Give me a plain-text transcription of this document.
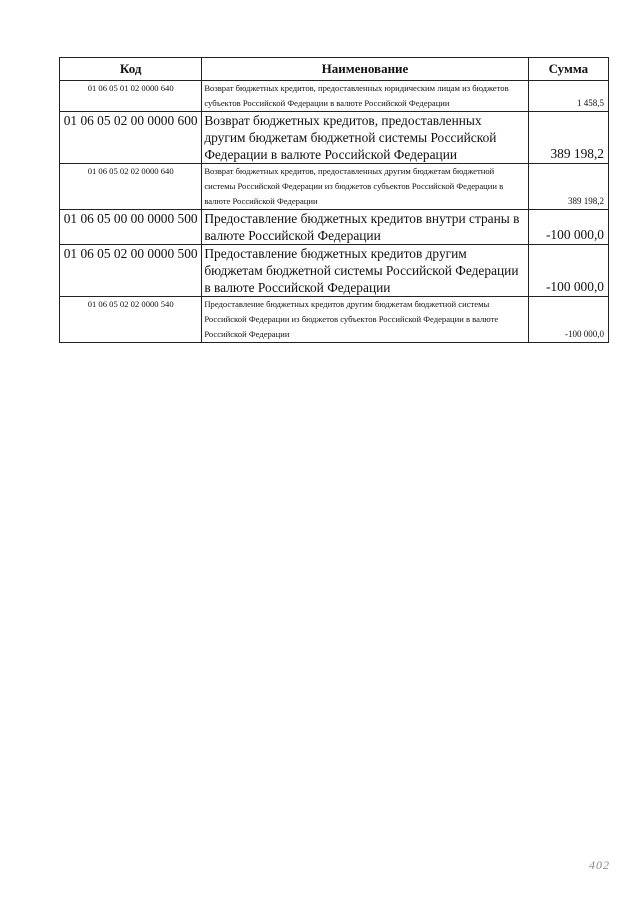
Код	Наименование	Сумма
01 06 05 01 02 0000 640	Возврат бюджетных кредитов, предоставленных юридическим лицам из бюджетов субъектов Российской Федерации в валюте Российской Федерации	1 458,5
01 06 05 02 00 0000 600	Возврат бюджетных кредитов, предоставленных другим бюджетам бюджетной системы Российской Федерации в валюте Российской Федерации	389 198,2
01 06 05 02 02 0000 640	Возврат бюджетных кредитов, предоставленных другим бюджетам бюджетной системы Российской Федерации из бюджетов субъектов Российской Федерации в валюте Российской Федерации	389 198,2
01 06 05 00 00 0000 500	Предоставление бюджетных кредитов внутри страны в валюте Российской Федерации	-100 000,0
01 06 05 02 00 0000 500	Предоставление бюджетных кредитов другим бюджетам бюджетной системы Российской Федерации в валюте Российской Федерации	-100 000,0
01 06 05 02 02 0000 540	Предоставление бюджетных кредитов другим бюджетам бюджетной системы Российской Федерации из бюджетов субъектов Российской Федерации в валюте Российской Федерации	-100 000,0
402
